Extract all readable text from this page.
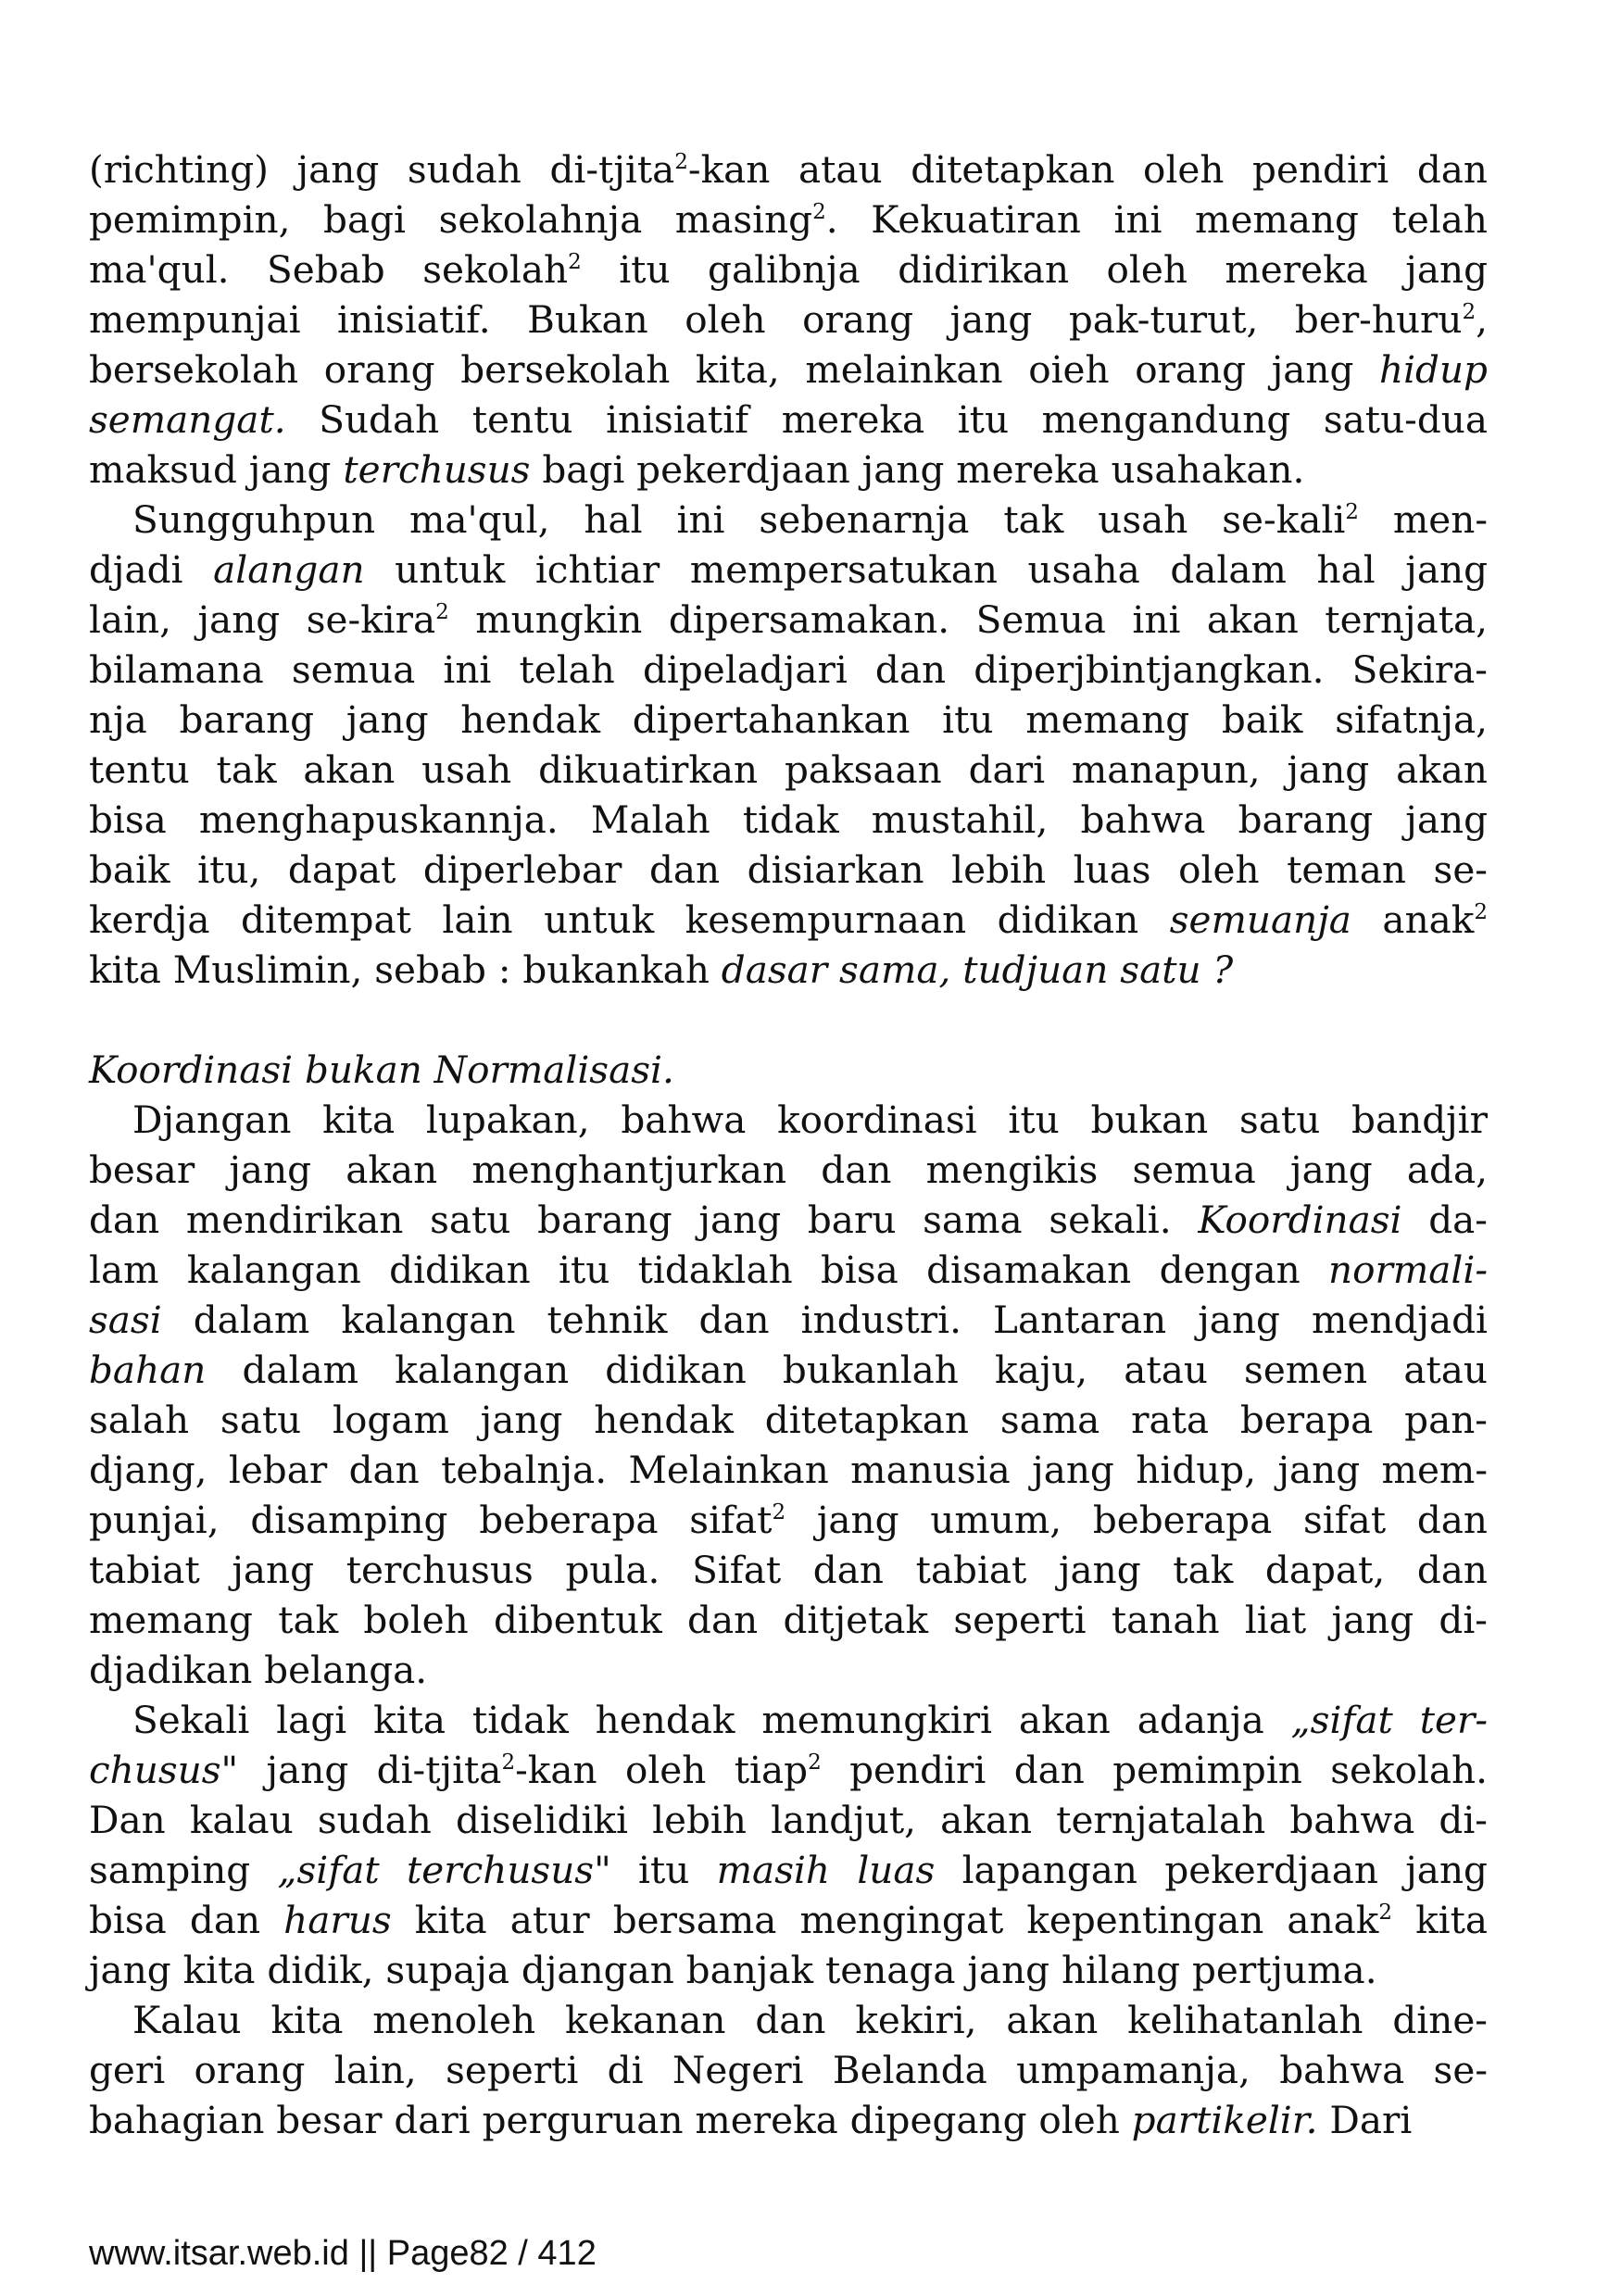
(richting) jang sudah di-tjita$^2$-kan atau ditetapkan oleh pendiri dan
pemimpin, bagi sekolahnja masing$^2$. Kekuatiran ini memang telah
ma'qul. Sebab sekolah$^2$ itu galibnja didirikan oleh mereka jang
mempunjai inisiatif. Bukan oleh orang jang pak-turut, ber-huru$^2$,
bersekolah orang bersekolah kita, melainkan oieh orang jang hidup
semangat. Sudah tentu inisiatif mereka itu mengandung satu-dua
maksud jang terchusus bagi pekerdjaan jang mereka usahakan.
Sungguhpun ma'qul, hal ini sebenarnja tak usah se-kali$^2$ men-
djadi alangan untuk ichtiar mempersatukan usaha dalam hal jang
lain, jang se-kira$^2$ mungkin dipersamakan. Semua ini akan ternjata,
bilamana semua ini telah dipeladjari dan diperjbintjangkan. Sekira-
nja barang jang hendak dipertahankan itu memang baik sifatnja,
tentu tak akan usah dikuatirkan paksaan dari manapun, jang akan
bisa menghapuskannja. Malah tidak mustahil, bahwa barang jang
baik itu, dapat diperlebar dan disiarkan lebih luas oleh teman se-
kerdja ditempat lain untuk kesempurnaan didikan semuanja anak$^2$
kita Muslimin, sebab : bukankah dasar sama, tudjuan satu ?
Koordinasi bukan Normalisasi.
Djangan kita lupakan, bahwa koordinasi itu bukan satu bandjir
besar jang akan menghantjurkan dan mengikis semua jang ada,
dan mendirikan satu barang jang baru sama sekali. Koordinasi da-
lam kalangan didikan itu tidaklah bisa disamakan dengan normali-
sasi dalam kalangan tehnik dan industri. Lantaran jang mendjadi
bahan dalam kalangan didikan bukanlah kaju, atau semen atau
salah satu logam jang hendak ditetapkan sama rata berapa pan-
djang, lebar dan tebalnja. Melainkan manusia jang hidup, jang mem-
punjai, disamping beberapa sifat$^2$ jang umum, beberapa sifat dan
tabiat jang terchusus pula. Sifat dan tabiat jang tak dapat, dan
memang tak boleh dibentuk dan ditjetak seperti tanah liat jang di-
djadikan belanga.
Sekali lagi kita tidak hendak memungkiri akan adanja „sifat ter-
chusus" jang di-tjita$^2$-kan oleh tiap$^2$ pendiri dan pemimpin sekolah.
Dan kalau sudah diselidiki lebih landjut, akan ternjatalah bahwa di-
samping „sifat terchusus" itu masih luas lapangan pekerdjaan jang
bisa dan harus kita atur bersama mengingat kepentingan anak$^2$ kita
jang kita didik, supaja djangan banjak tenaga jang hilang pertjuma.
Kalau kita menoleh kekanan dan kekiri, akan kelihatanlah dine-
geri orang lain, seperti di Negeri Belanda umpamanja, bahwa se-
bahagian besar dari perguruan mereka dipegang oleh partikelir. Dari
www.itsar.web.id || Page82 / 412
